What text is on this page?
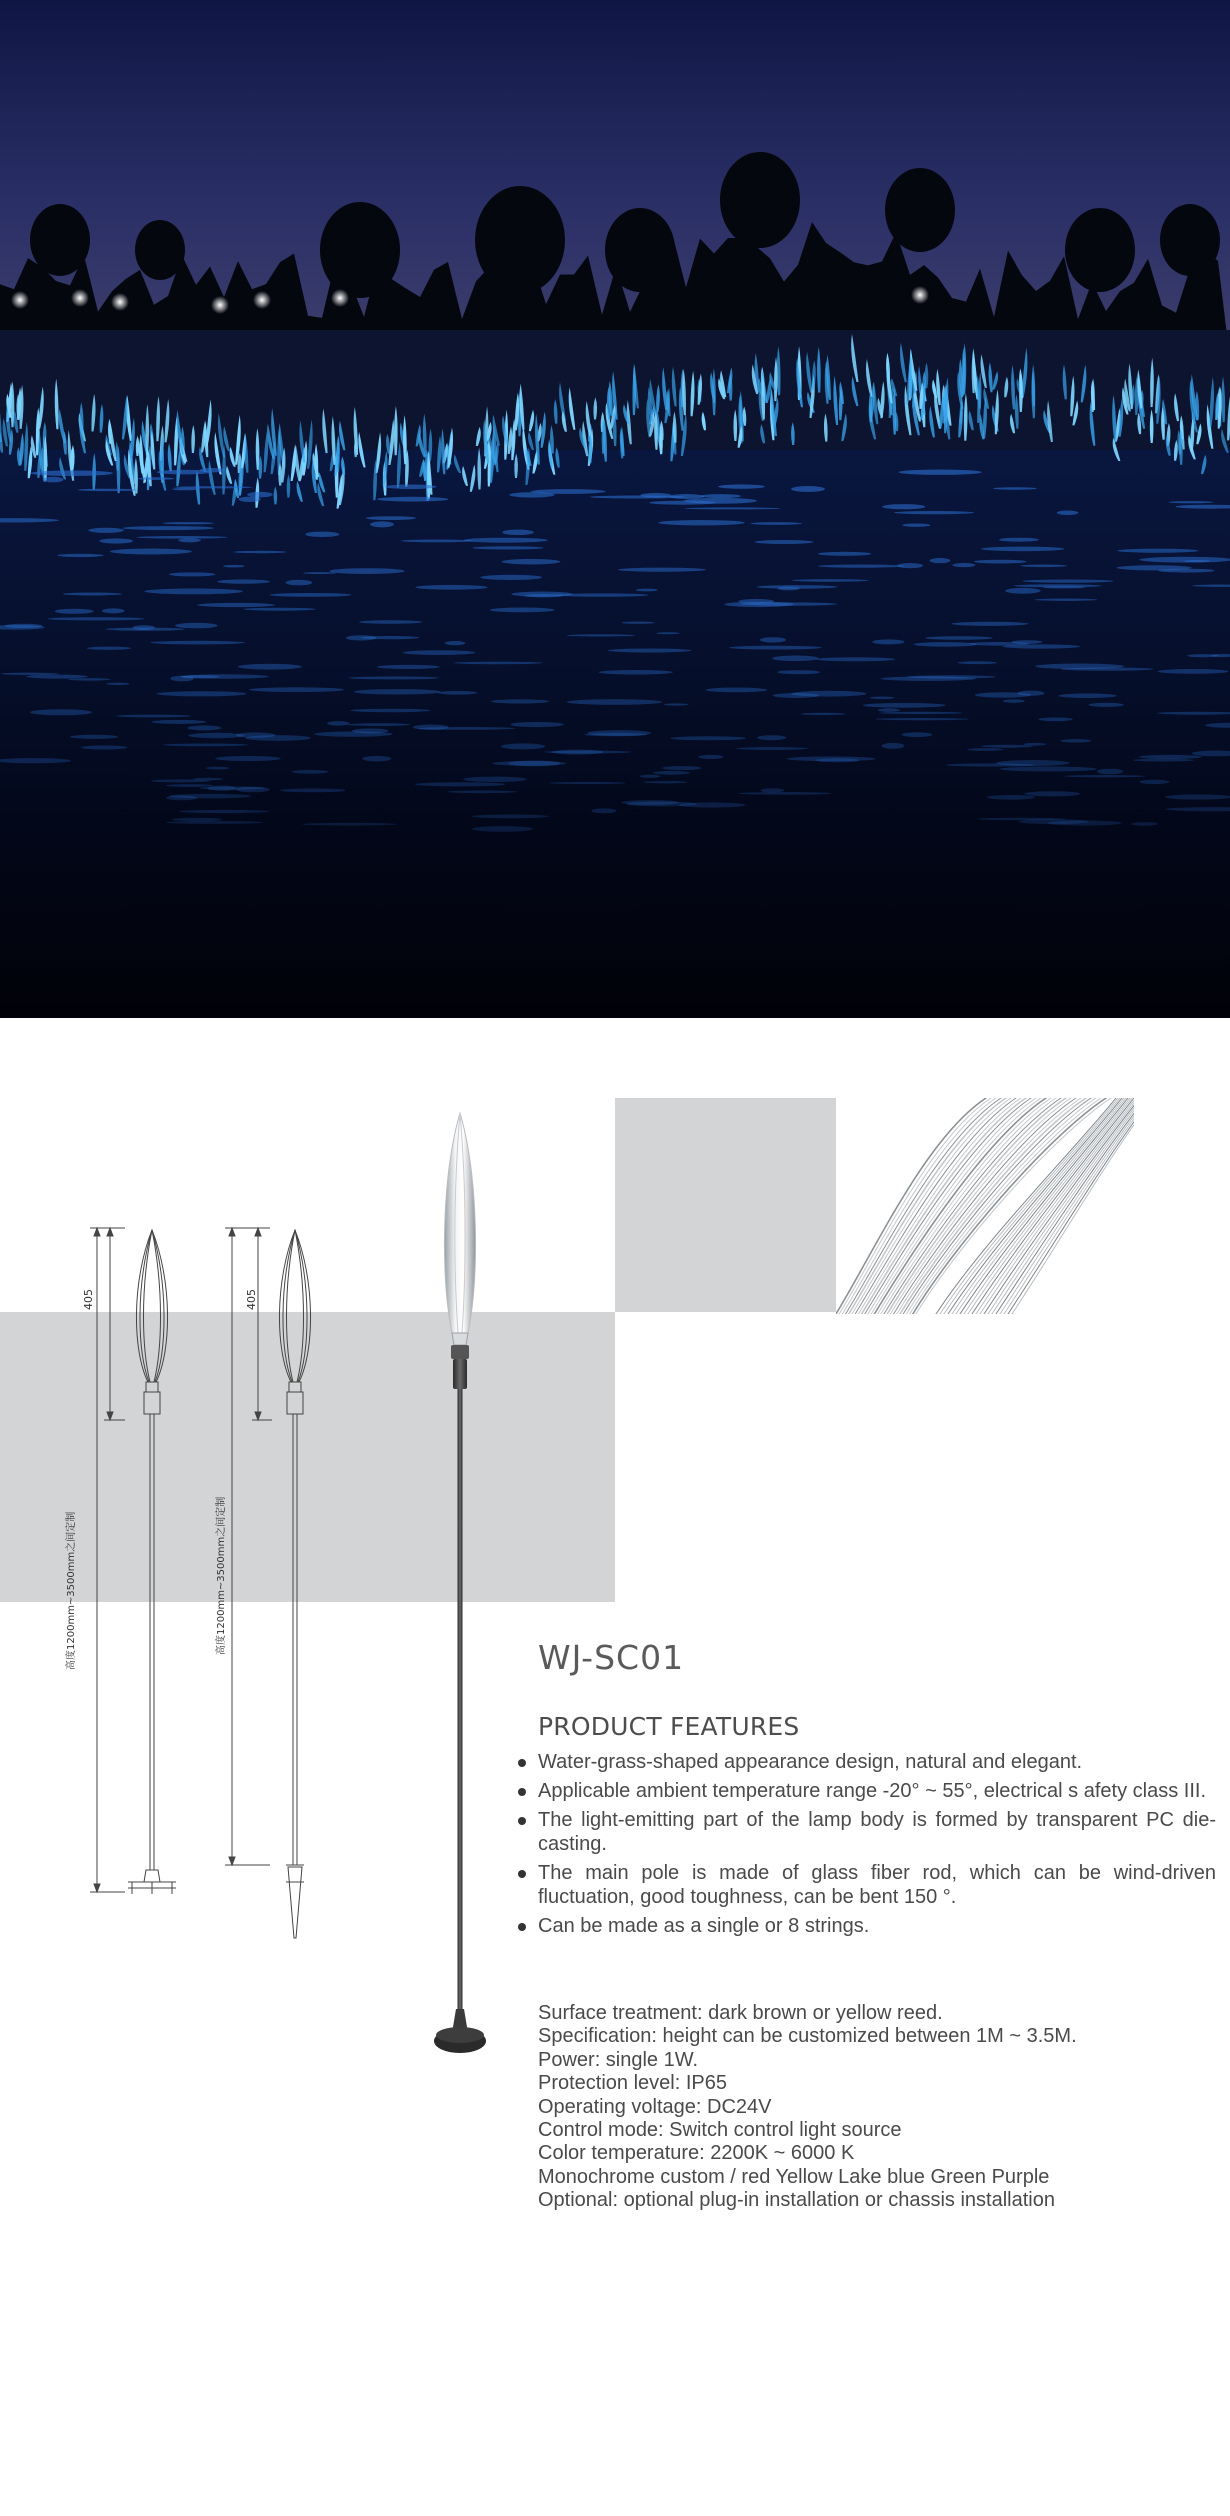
405	405
高度1200mm~3500mm之间定制	高度1200mm~3500mm之间定制
WJ-SC01
PRODUCT FEATURES
Water-grass-shaped appearance design, natural and elegant.
Applicable ambient temperature range -20° ~ 55°, electrical s afety class III.
The light-emitting part of the lamp body is formed by transparent PC die-casting.
The main pole is made of glass fiber rod, which can be wind-driven fluctuation, good toughness, can be bent 150 °.
Can be made as a single or 8 strings.
Surface treatment: dark brown or yellow reed.
Specification: height can be customized between 1M ~ 3.5M.
Power: single 1W.
Protection level: IP65
Operating voltage: DC24V
Control mode: Switch control light source
Color temperature: 2200K ~ 6000 K
Monochrome custom / red Yellow Lake blue Green Purple
Optional: optional plug-in installation or chassis installation
